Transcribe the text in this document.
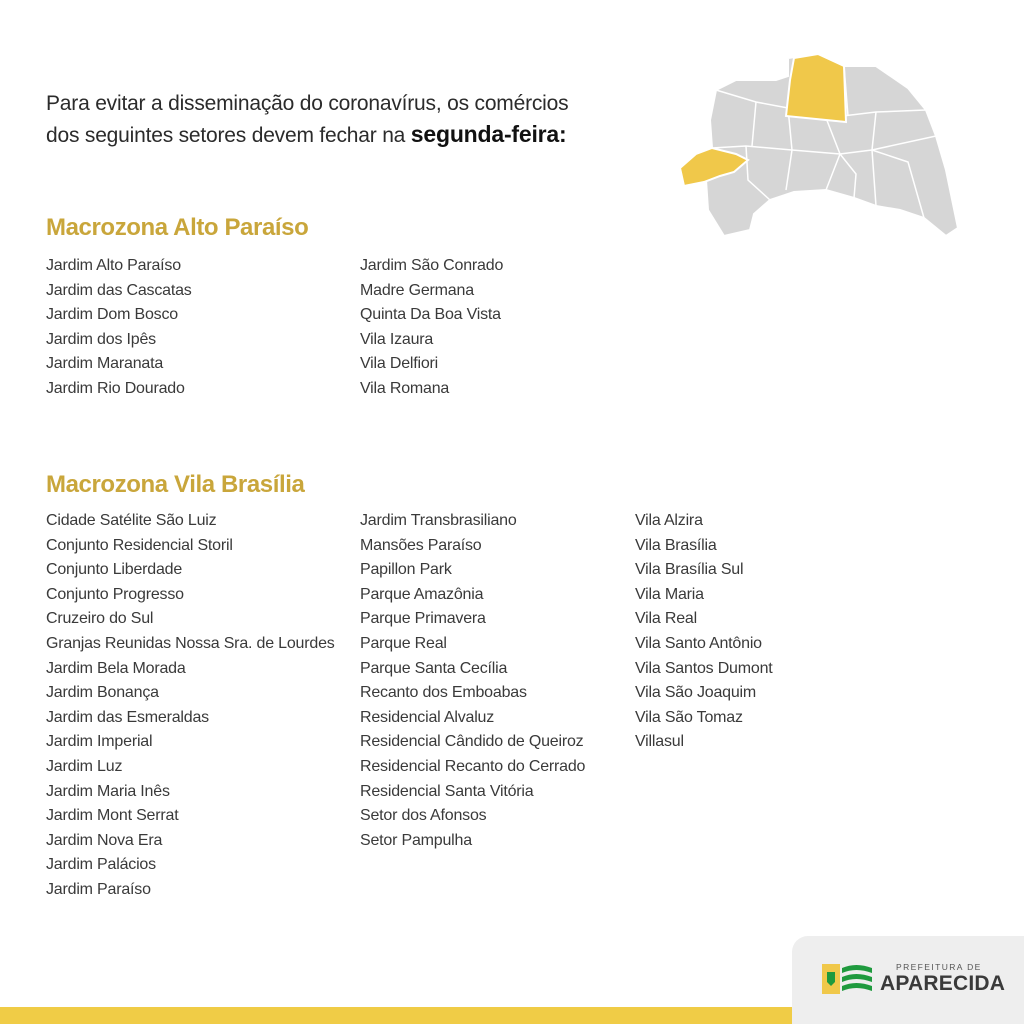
Para evitar a disseminação do coronavírus, os comércios
dos seguintes setores devem fechar na segunda-feira:
Macrozona Alto Paraíso
Jardim Alto Paraíso
Jardim das Cascatas
Jardim Dom Bosco
Jardim dos Ipês
Jardim Maranata
Jardim Rio Dourado
Jardim São Conrado
Madre Germana
Quinta Da Boa Vista
Vila Izaura
Vila Delfiori
Vila Romana
Macrozona Vila Brasília
Cidade Satélite São Luiz
Conjunto Residencial Storil
Conjunto Liberdade
Conjunto Progresso
Cruzeiro do Sul
Granjas Reunidas Nossa Sra. de Lourdes
Jardim Bela Morada
Jardim Bonança
Jardim das Esmeraldas
Jardim Imperial
Jardim Luz
Jardim Maria Inês
Jardim Mont Serrat
Jardim Nova Era
Jardim Palácios
Jardim Paraíso
Jardim Transbrasiliano
Mansões Paraíso
Papillon Park
Parque Amazônia
Parque Primavera
Parque Real
Parque Santa Cecília
Recanto dos Emboabas
Residencial Alvaluz
Residencial Cândido de Queiroz
Residencial Recanto do Cerrado
Residencial Santa Vitória
Setor dos Afonsos
Setor Pampulha
Vila Alzira
Vila Brasília
Vila Brasília Sul
Vila Maria
Vila Real
Vila Santo Antônio
Vila Santos Dumont
Vila São Joaquim
Vila São Tomaz
Villasul
PREFEITURA DE
APARECIDA
